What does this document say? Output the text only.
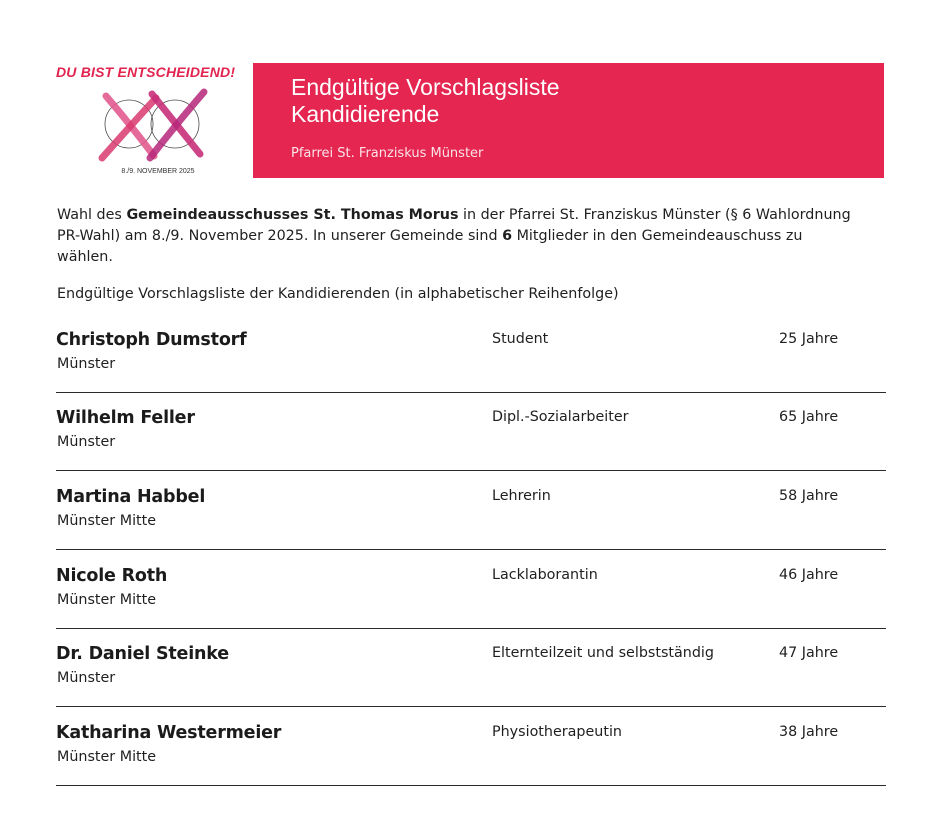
DU BIST ENTSCHEIDEND!
8./9. NOVEMBER 2025
Endgültige Vorschlagsliste
Kandidierende
Pfarrei St. Franziskus Münster

Wahl des Gemeindeausschusses St. Thomas Morus in der Pfarrei St. Franziskus Münster (§ 6 Wahlordnung PR-Wahl) am 8./9. November 2025. In unserer Gemeinde sind 6 Mitglieder in den Gemeindeauschuss zu wählen.

Endgültige Vorschlagsliste der Kandidierenden (in alphabetischer Reihenfolge)

Christoph Dumstorf
Münster
Student	25 Jahre
Wilhelm Feller
Münster
Dipl.-Sozialarbeiter	65 Jahre
Martina Habbel
Münster Mitte
Lehrerin	58 Jahre
Nicole Roth
Münster Mitte
Lacklaborantin	46 Jahre
Dr. Daniel Steinke
Münster
Elternteilzeit und selbstständig	47 Jahre
Katharina Westermeier
Münster Mitte
Physiotherapeutin	38 Jahre
